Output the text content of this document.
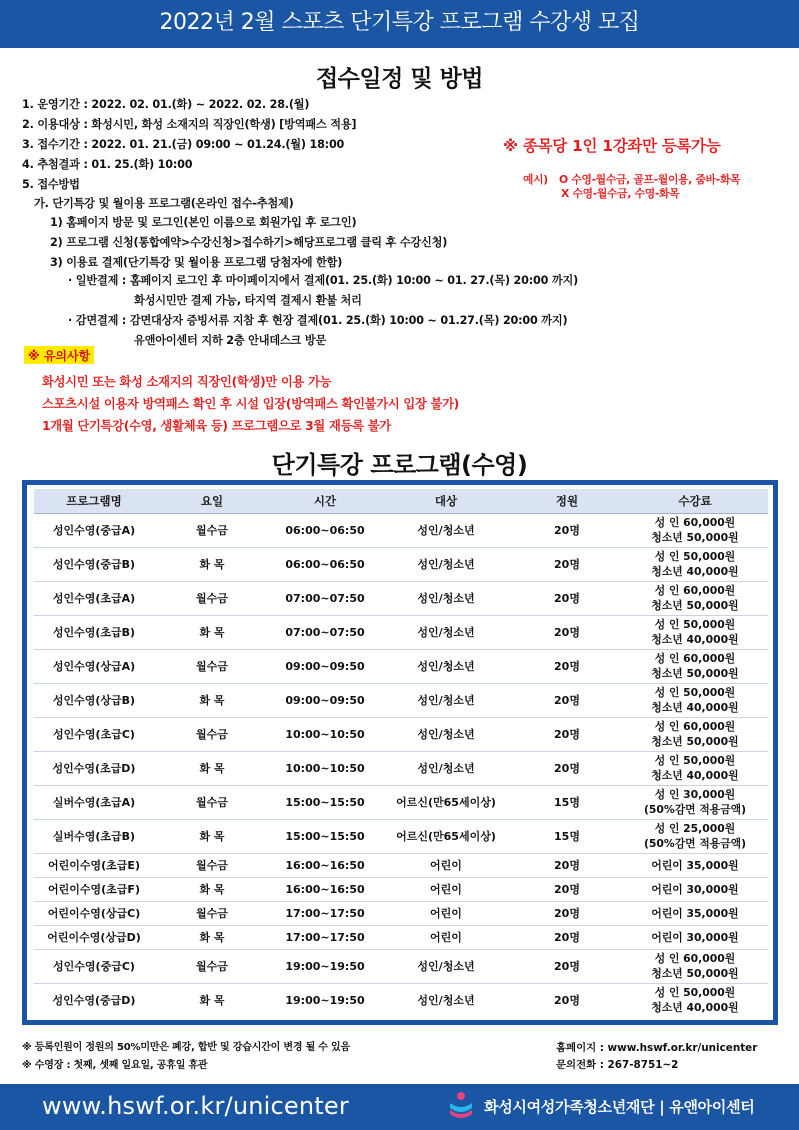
2022년 2월 스포츠 단기특강 프로그램 수강생 모집
접수일정 및 방법
1. 운영기간 : 2022. 02. 01.(화) ~ 2022. 02. 28.(월)
2. 이용대상 : 화성시민, 화성 소재지의 직장인(학생) [방역패스 적용]
3. 접수기간 : 2022. 01. 21.(금) 09:00 ~ 01.24.(월) 18:00
4. 추첨결과 : 01. 25.(화) 10:00
5. 접수방법
가. 단기특강 및 월이용 프로그램(온라인 접수-추첨제)
1) 홈페이지 방문 및 로그인(본인 이름으로 회원가입 후 로그인)
2) 프로그램 신청(통합예약>수강신청>접수하기>해당프로그램 클릭 후 수강신청)
3) 이용료 결제(단기특강 및 월이용 프로그램 당첨자에 한함)
· 일반결제 : 홈페이지 로그인 후 마이페이지에서 결제(01. 25.(화) 10:00 ~ 01. 27.(목) 20:00 까지)
화성시민만 결제 가능, 타지역 결제시 환불 처리
· 감면결제 : 감면대상자 증빙서류 지참 후 현장 결제(01. 25.(화) 10:00 ~ 01.27.(목) 20:00 까지)
유앤아이센터 지하 2층 안내데스크 방문
※ 종목당 1인 1강좌만 등록가능
예시) O 수영-월수금, 골프-월이용, 줌바-화목
X 수영-월수금, 수영-화목
※ 유의사항
화성시민 또는 화성 소재지의 직장인(학생)만 이용 가능
스포츠시설 이용자 방역패스 확인 후 시설 입장(방역패스 확인불가시 입장 불가)
1개월 단기특강(수영, 생활체육 등) 프로그램으로 3월 재등록 불가
단기특강 프로그램(수영)
프로그램명	요일	시간	대상	정원	수강료
성인수영(중급A)	월수금	06:00~06:50	성인/청소년	20명	성 인 60,000원
청소년 50,000원

성인수영(중급B)	화 목	06:00~06:50	성인/청소년	20명	성 인 50,000원
청소년 40,000원

성인수영(초급A)	월수금	07:00~07:50	성인/청소년	20명	성 인 60,000원
청소년 50,000원

성인수영(초급B)	화 목	07:00~07:50	성인/청소년	20명	성 인 50,000원
청소년 40,000원

성인수영(상급A)	월수금	09:00~09:50	성인/청소년	20명	성 인 60,000원
청소년 50,000원

성인수영(상급B)	화 목	09:00~09:50	성인/청소년	20명	성 인 50,000원
청소년 40,000원

성인수영(초급C)	월수금	10:00~10:50	성인/청소년	20명	성 인 60,000원
청소년 50,000원

성인수영(초급D)	화 목	10:00~10:50	성인/청소년	20명	성 인 50,000원
청소년 40,000원

실버수영(초급A)	월수금	15:00~15:50	어르신(만65세이상)	15명	성 인 30,000원
(50%감면 적용금액)

실버수영(초급B)	화 목	15:00~15:50	어르신(만65세이상)	15명	성 인 25,000원
(50%감면 적용금액)

어린이수영(초급E)	월수금	16:00~16:50	어린이	20명	어린이 35,000원

어린이수영(초급F)	화 목	16:00~16:50	어린이	20명	어린이 30,000원

어린이수영(상급C)	월수금	17:00~17:50	어린이	20명	어린이 35,000원

어린이수영(상급D)	화 목	17:00~17:50	어린이	20명	어린이 30,000원

성인수영(중급C)	월수금	19:00~19:50	성인/청소년	20명	성 인 60,000원
청소년 50,000원

성인수영(중급D)	화 목	19:00~19:50	성인/청소년	20명	성 인 50,000원
청소년 40,000원
※ 등록인원이 정원의 50%미만은 폐강, 합반 및 강습시간이 변경 될 수 있음
※ 수영장 : 첫째, 셋째 일요일, 공휴일 휴관
홈페이지 : www.hswf.or.kr/unicenter
문의전화 : 267-8751~2
www.hswf.or.kr/unicenter	화성시여성가족청소년재단 | 유앤아이센터
